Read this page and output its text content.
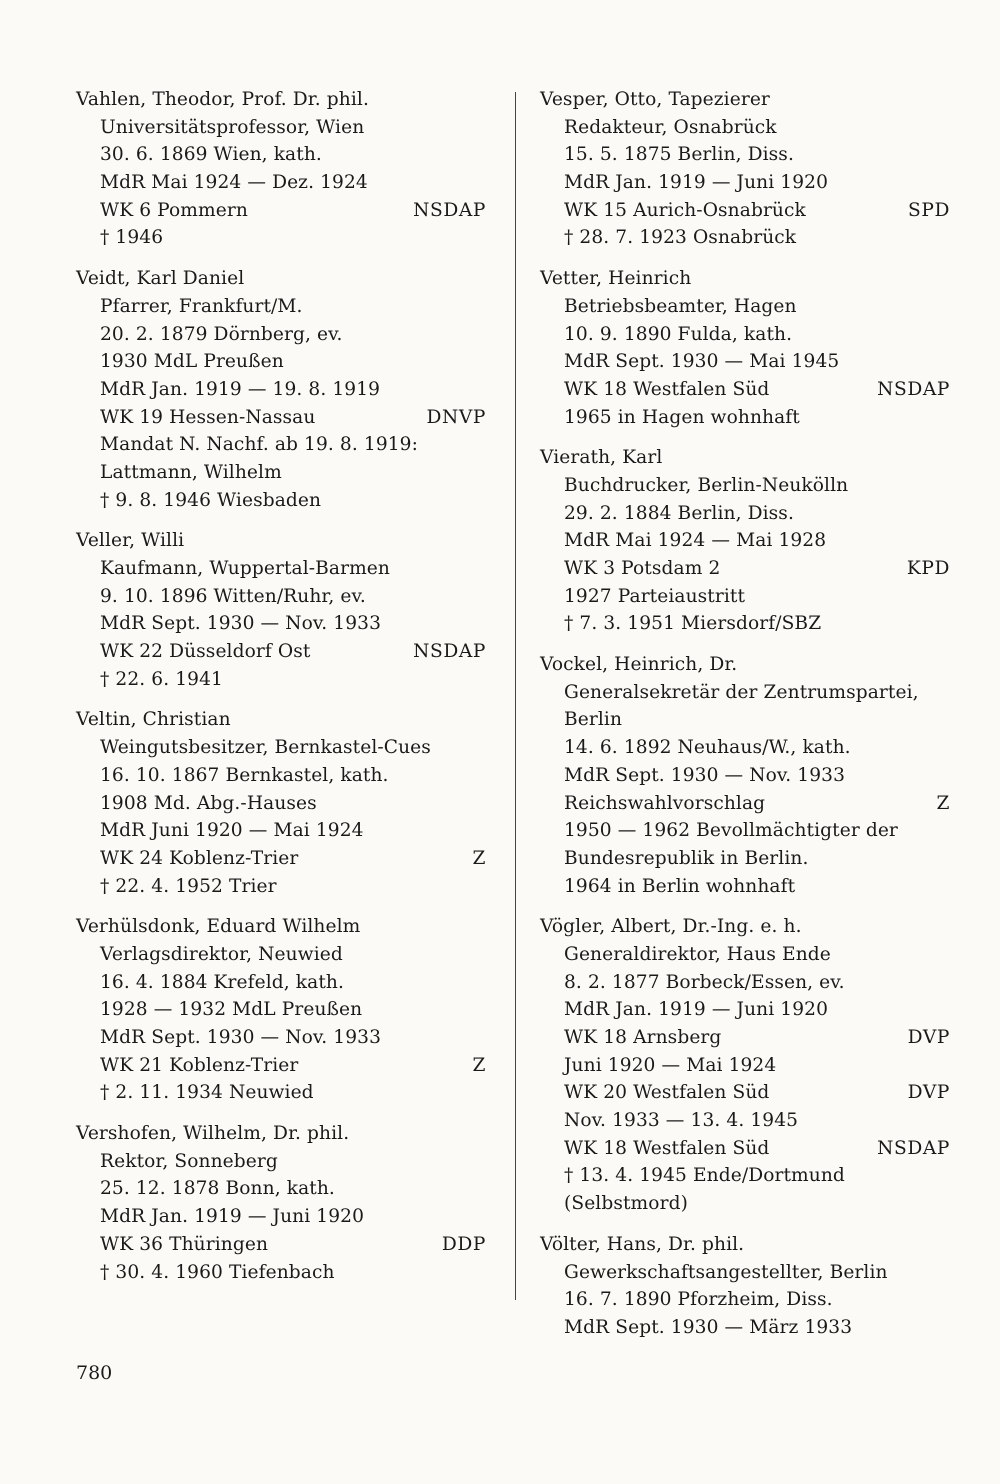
Vahlen, Theodor, Prof. Dr. phil.
Universitätsprofessor, Wien
30. 6. 1869 Wien, kath.
MdR Mai 1924 — Dez. 1924
WK 6 Pommern	NSDAP
† 1946
Veidt, Karl Daniel
Pfarrer, Frankfurt/M.
20. 2. 1879 Dörnberg, ev.
1930 MdL Preußen
MdR Jan. 1919 — 19. 8. 1919
WK 19 Hessen-Nassau	DNVP
Mandat N. Nachf. ab 19. 8. 1919:
Lattmann, Wilhelm
† 9. 8. 1946 Wiesbaden
Veller, Willi
Kaufmann, Wuppertal-Barmen
9. 10. 1896 Witten/Ruhr, ev.
MdR Sept. 1930 — Nov. 1933
WK 22 Düsseldorf Ost	NSDAP
† 22. 6. 1941
Veltin, Christian
Weingutsbesitzer, Bernkastel-Cues
16. 10. 1867 Bernkastel, kath.
1908 Md. Abg.-Hauses
MdR Juni 1920 — Mai 1924
WK 24 Koblenz-Trier	Z
† 22. 4. 1952 Trier
Verhülsdonk, Eduard Wilhelm
Verlagsdirektor, Neuwied
16. 4. 1884 Krefeld, kath.
1928 — 1932 MdL Preußen
MdR Sept. 1930 — Nov. 1933
WK 21 Koblenz-Trier	Z
† 2. 11. 1934 Neuwied
Vershofen, Wilhelm, Dr. phil.
Rektor, Sonneberg
25. 12. 1878 Bonn, kath.
MdR Jan. 1919 — Juni 1920
WK 36 Thüringen	DDP
† 30. 4. 1960 Tiefenbach
Vesper, Otto, Tapezierer
Redakteur, Osnabrück
15. 5. 1875 Berlin, Diss.
MdR Jan. 1919 — Juni 1920
WK 15 Aurich-Osnabrück	SPD
† 28. 7. 1923 Osnabrück
Vetter, Heinrich
Betriebsbeamter, Hagen
10. 9. 1890 Fulda, kath.
MdR Sept. 1930 — Mai 1945
WK 18 Westfalen Süd	NSDAP
1965 in Hagen wohnhaft
Vierath, Karl
Buchdrucker, Berlin-Neukölln
29. 2. 1884 Berlin, Diss.
MdR Mai 1924 — Mai 1928
WK 3 Potsdam 2	KPD
1927 Parteiaustritt
† 7. 3. 1951 Miersdorf/SBZ
Vockel, Heinrich, Dr.
Generalsekretär der Zentrumspartei,
Berlin
14. 6. 1892 Neuhaus/W., kath.
MdR Sept. 1930 — Nov. 1933
Reichswahlvorschlag	Z
1950 — 1962 Bevollmächtigter der
Bundesrepublik in Berlin.
1964 in Berlin wohnhaft
Vögler, Albert, Dr.-Ing. e. h.
Generaldirektor, Haus Ende
8. 2. 1877 Borbeck/Essen, ev.
MdR Jan. 1919 — Juni 1920
WK 18 Arnsberg	DVP
Juni 1920 — Mai 1924
WK 20 Westfalen Süd	DVP
Nov. 1933 — 13. 4. 1945
WK 18 Westfalen Süd	NSDAP
† 13. 4. 1945 Ende/Dortmund
(Selbstmord)
Völter, Hans, Dr. phil.
Gewerkschaftsangestellter, Berlin
16. 7. 1890 Pforzheim, Diss.
MdR Sept. 1930 — März 1933
780
